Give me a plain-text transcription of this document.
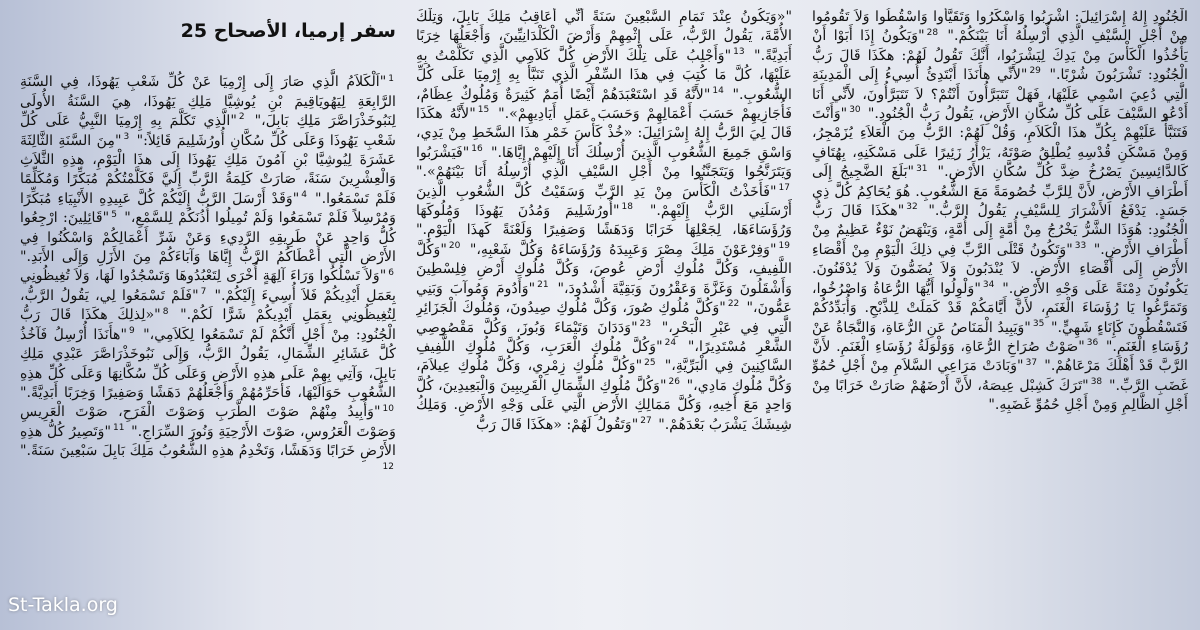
سفر إرميا، الأصحاح 25

$^1$"اَلْكَلاَمُ الَّذِي صَارَ إِلَى إِرْمِيَا عَنْ كُلِّ شَعْبِ يَهُوذَا، فِي السَّنَةِ الرَّابِعَةِ لِيَهُويَاقِيمَ بْنِ يُوشِيَّا مَلِكِ يَهُوذَا، هِيَ السَّنَةُ الأُولَى لِنَبُوخَذْرَاصَّرَ مَلِكِ بَابِلَ،" $^2$"الَّذِي تَكَلَّمَ بِهِ إِرْمِيَا النَّبِيُّ عَلَى كُلِّ شَعْبِ يَهُوذَا وَعَلَى كُلِّ سُكَّانِ أُورُشَلِيمَ قَائِلاً:" $^3$"مِنَ السَّنَةِ الثَّالِثَةَ عَشَرَةَ لِيُوشِيَّا بْنِ آمُونَ مَلِكِ يَهُوذَا إِلَى هذَا الْيَوْمِ، هذِهِ الثَّلاَثِ وَالْعِشْرِينَ سَنَةً، صَارَتْ كَلِمَةُ الرَّبِّ إِلَيَّ فَكَلَّمْتُكُمْ مُبَكِّرًا وَمُكَلِّمًا فَلَمْ تَسْمَعُوا." $^4$"وَقَدْ أَرْسَلَ الرَّبُّ إِلَيْكُمْ كُلَّ عَبِيدِهِ الأَنْبِيَاءِ مُبَكِّرًا وَمُرْسِلاً فَلَمْ تَسْمَعُوا وَلَمْ تُمِيلُوا أُذُنَكُمْ لِلسَّمْعِ،" $^5$"قَائِلِينَ: ارْجِعُوا كُلُّ وَاحِدٍ عَنْ طَرِيقِهِ الرَّدِيءِ وَعَنْ شَرِّ أَعْمَالِكُمْ وَاسْكُنُوا فِي الأَرْضِ الَّتِي أَعْطَاكُمُ الرَّبُّ إِيَّاهَا وَآبَاءَكُمْ مِنَ الأَزَلِ وَإِلَى الأَبَدِ." $^6$"وَلاَ تَسْلُكُوا وَرَاءَ آلِهَةٍ أُخْرَى لِتَعْبُدُوهَا وَتَسْجُدُوا لَهَا، وَلاَ تُغِيظُونِي بِعَمَلِ أَيْدِيكُمْ فَلاَ أُسِيءَ إِلَيْكُمْ." $^7$"فَلَمْ تَسْمَعُوا لِي، يَقُولُ الرَّبُّ، لِتُغِيظُونِي بِعَمَلِ أَيْدِيكُمْ شَرًّا لَكُمْ." $^8$"«لِذلِكَ هكَذَا قَالَ رَبُّ الْجُنُودِ: مِنْ أَجْلِ أَنَّكُمْ لَمْ تَسْمَعُوا لِكَلاَمِي،" $^9$"هأَنَذَا أُرْسِلُ فَآخُذُ كُلَّ عَشَائِرِ الشِّمَالِ، يَقُولُ الرَّبُّ، وَإِلَى نَبُوخَذْرَاصَّرَ عَبْدِي مَلِكِ بَابِلَ، وَآتِي بِهِمْ عَلَى هذِهِ الأَرْضِ وَعَلَى كُلِّ سُكَّانِهَا وَعَلَى كُلِّ هذِهِ الشُّعُوبِ حَوَالَيْهَا، فَأُحَرِّمُهُمْ وَأَجْعَلُهُمْ دَهَشًا وَصَفِيرًا وَخِرَبًا أَبَدِيَّةً." $^{10}$"وَأُبِيدُ مِنْهُمْ صَوْتَ الطَّرَبِ وَصَوْتَ الْفَرَحِ، صَوْتَ الْعَرِيسِ وَصَوْتَ الْعَرُوسِ، صَوْتَ الأَرْحِيَةِ وَنُورَ السِّرَاجِ." $^{11}$"وَتَصِيرُ كُلُّ هذِهِ الأَرْضِ خَرَابًا وَدَهَشًا، وَتَخْدِمُ هذِهِ الشُّعُوبُ مَلِكَ بَابِلَ سَبْعِينَ سَنَةً." $^{12}$

"«وَيَكُونُ عِنْدَ تَمَامِ السَّبْعِينَ سَنَةً أَنِّي أُعَاقِبُ مَلِكَ بَابِلَ، وَتِلْكَ الأُمَّةَ، يَقُولُ الرَّبُّ، عَلَى إِثْمِهِمْ وَأَرْضَ الْكَلْدَانِيِّينَ، وَأَجْعَلُهَا خِرَبًا أَبَدِيَّةً." $^{13}$"وَأَجْلِبُ عَلَى تِلْكَ الأَرْضِ كُلَّ كَلاَمِي الَّذِي تَكَلَّمْتُ بِهِ عَلَيْهَا، كُلَّ مَا كُتِبَ فِي هذَا السِّفْرِ الَّذِي تَنَبَّأَ بِهِ إِرْمِيَا عَلَى كُلِّ الشُّعُوبِ." $^{14}$"لأَنَّهُ قَدِ اسْتَعْبَدَهُمْ أَيْضًا أُمَمٌ كَثِيرَةٌ وَمُلُوكٌ عِظَامٌ، فَأُجَازِيهِمْ حَسَبَ أَعْمَالِهِمْ وَحَسَبَ عَمَلِ أَيَادِيهِمْ»." $^{15}$"لأَنَّهُ هكَذَا قَالَ لِيَ الرَّبُّ إِلهُ إِسْرَائِيلَ: «خُذْ كَأْسَ خَمْرِ هذَا السَّخَطِ مِنْ يَدِي، وَاسْقِ جَمِيعَ الشُّعُوبِ الَّذِينَ أُرْسِلُكَ أَنَا إِلَيْهِمْ إِيَّاهَا." $^{16}$"فَيَشْرَبُوا وَيَتَرَنَّحُوا وَيَتَجَنَّنُوا مِنْ أَجْلِ السَّيْفِ الَّذِي أُرْسِلُهُ أَنَا بَيْنَهُمْ»." $^{17}$"فَأَخَذْتُ الْكَأْسَ مِنْ يَدِ الرَّبِّ وَسَقَيْتُ كُلَّ الشُّعُوبِ الَّذِينَ أَرْسَلَنِي الرَّبُّ إِلَيْهِمْ." $^{18}$"أُورُشَلِيمَ وَمُدُنَ يَهُوذَا وَمُلُوكَهَا وَرُؤَسَاءَهَا، لِجَعْلِهَا خَرَابًا وَدَهَشًا وَصَفِيرًا وَلَعْنَةً كَهذَا الْيَوْمِ." $^{19}$"وَفِرْعَوْنَ مَلِكَ مِصْرَ وَعَبِيدَهُ وَرُؤَسَاءَهُ وَكُلَّ شَعْبِهِ،" $^{20}$"وَكُلَّ اللَّفِيفِ، وَكُلَّ مُلُوكِ أَرْضِ عُوصَ، وَكُلَّ مُلُوكِ أَرْضِ فِلِسْطِينَ وَأَشْقَلُونَ وَغَزَّةَ وَعَقْرُونَ وَبَقِيَّةَ أَشْدُودَ،" $^{21}$"وَأَدُومَ وَمُوآبَ وَبَنِي عَمُّونَ،" $^{22}$"وَكُلَّ مُلُوكِ صُورَ، وَكُلَّ مُلُوكِ صِيدُونَ، وَمُلُوكَ الْجَزَائِرِ الَّتِي فِي عَبْرِ الْبَحْرِ،" $^{23}$"وَدَدَانَ وَتَيْمَاءَ وَبُوزَ، وَكُلَّ مَقْصُوصِي الشَّعْرِ مُسْتَدِيرًا،" $^{24}$"وَكُلَّ مُلُوكِ الْعَرَبِ، وَكُلَّ مُلُوكِ اللَّفِيفِ السَّاكِنِينَ فِي الْبَرِّيَّةِ،" $^{25}$"وَكُلَّ مُلُوكِ زِمْرِي، وَكُلَّ مُلُوكِ عِيلاَمَ، وَكُلَّ مُلُوكِ مَادِي،" $^{26}$"وَكُلَّ مُلُوكِ الشِّمَالِ الْقَرِيبِينَ وَالْبَعِيدِينَ، كُلَّ وَاحِدٍ مَعَ أَخِيهِ، وَكُلَّ مَمَالِكِ الأَرْضِ الَّتِي عَلَى وَجْهِ الأَرْضِ. وَمَلِكُ شِيشَكَ يَشْرَبُ بَعْدَهُمْ." $^{27}$"وَتَقُولُ لَهُمْ: «هكَذَا قَالَ رَبُّ

الْجُنُودِ إِلهُ إِسْرَائِيلَ: اشْرَبُوا وَاسْكَرُوا وَتَقَيَّأُوا وَاسْقُطُوا وَلاَ تَقُومُوا مِنْ أَجْلِ السَّيْفِ الَّذِي أُرْسِلُهُ أَنَا بَيْنَكُمْ." $^{28}$"وَيَكُونُ إِذَا أَبَوْا أَنْ يَأْخُذُوا الْكَأْسَ مِنْ يَدِكَ لِيَشْرَبُوا، أَنَّكَ تَقُولُ لَهُمْ: هكَذَا قَالَ رَبُّ الْجُنُودِ: تَشْرَبُونَ شُرْبًا." $^{29}$"لأَنِّي هأَنَذَا أَبْتَدِئُ أُسِيءُ إِلَى الْمَدِينَةِ الَّتِي دُعِيَ اسْمِي عَلَيْهَا، فَهَلْ تَتَبَرَّأُونَ أَنْتُمْ؟ لاَ تَتَبَرَّأُونَ، لأَنِّي أَنَا أَدْعُو السَّيْفَ عَلَى كُلِّ سُكَّانِ الأَرْضِ، يَقُولُ رَبُّ الْجُنُودِ." $^{30}$"وَأَنْتَ فَتَنَبَّأْ عَلَيْهِمْ بِكُلِّ هذَا الْكَلاَمِ، وَقُلْ لَهُمْ: الرَّبُّ مِنَ الْعَلاَءِ يُزَمْجِرُ، وَمِنْ مَسْكَنِ قُدْسِهِ يُطْلِقُ صَوْتَهُ، يَزْأَرُ زَئِيرًا عَلَى مَسْكَنِهِ، بِهُتَافٍ كَالدَّائِسِينَ يَصْرُخُ ضِدَّ كُلِّ سُكَّانِ الأَرْضِ." $^{31}$"بَلَغَ الضَّجِيجُ إِلَى أَطْرَافِ الأَرْضِ، لأَنَّ لِلرَّبِّ خُصُومَةً مَعَ الشُّعُوبِ. هُوَ يُحَاكِمُ كُلَّ ذِي جَسَدٍ. يَدْفَعُ الأَشْرَارَ لِلسَّيْفِ، يَقُولُ الرَّبُّ." $^{32}$"هكَذَا قَالَ رَبُّ الْجُنُودِ: هُوَذَا الشَّرُّ يَخْرُجُ مِنْ أُمَّةٍ إِلَى أُمَّةٍ، وَيَنْهَضُ نَوْءٌ عَظِيمٌ مِنْ أَطْرَافِ الأَرْضِ." $^{33}$"وَتَكُونُ قَتْلَى الرَّبِّ فِي ذلِكَ الْيَوْمِ مِنْ أَقْصَاءِ الأَرْضِ إِلَى أَقْصَاءِ الأَرْضِ. لاَ يُنْدَبُونَ وَلاَ يُضَمُّونَ وَلاَ يُدْفَنُونَ. يَكُونُونَ دِمْنَةً عَلَى وَجْهِ الأَرْضِ." $^{34}$"وَلْوِلُوا أَيُّهَا الرُّعَاةُ وَاصْرُخُوا، وَتَمَرَّغُوا يَا رُؤَسَاءَ الْغَنَمِ، لأَنَّ أَيَّامَكُمْ قَدْ كَمَلَتْ لِلذَّبْحِ. وَأُبَدِّدُكُمْ فَتَسْقُطُونَ كَإِنَاءٍ شَهِيٍّ." $^{35}$"وَيَبِيدُ الْمَنَاصُ عَنِ الرُّعَاةِ، وَالنَّجَاةُ عَنْ رُؤَسَاءِ الْغَنَمِ." $^{36}$"صَوْتُ صُرَاخِ الرُّعَاةِ، وَوَلْوَلَةُ رُؤَسَاءِ الْغَنَمِ. لأَنَّ الرَّبَّ قَدْ أَهْلَكَ مَرْعَاهُمْ." $^{37}$"وَبَادَتْ مَرَاعِي السَّلاَمِ مِنْ أَجْلِ حُمُوِّ غَضَبِ الرَّبِّ." $^{38}$"تَرَكَ كَشِبْل عِيصَهُ، لأَنَّ أَرْضَهُمْ صَارَتْ خَرَابًا مِنْ أَجْلِ الظَّالِمِ وَمِنْ أَجْلِ حُمُوِّ غَضَبِهِ."

St-Takla.org
